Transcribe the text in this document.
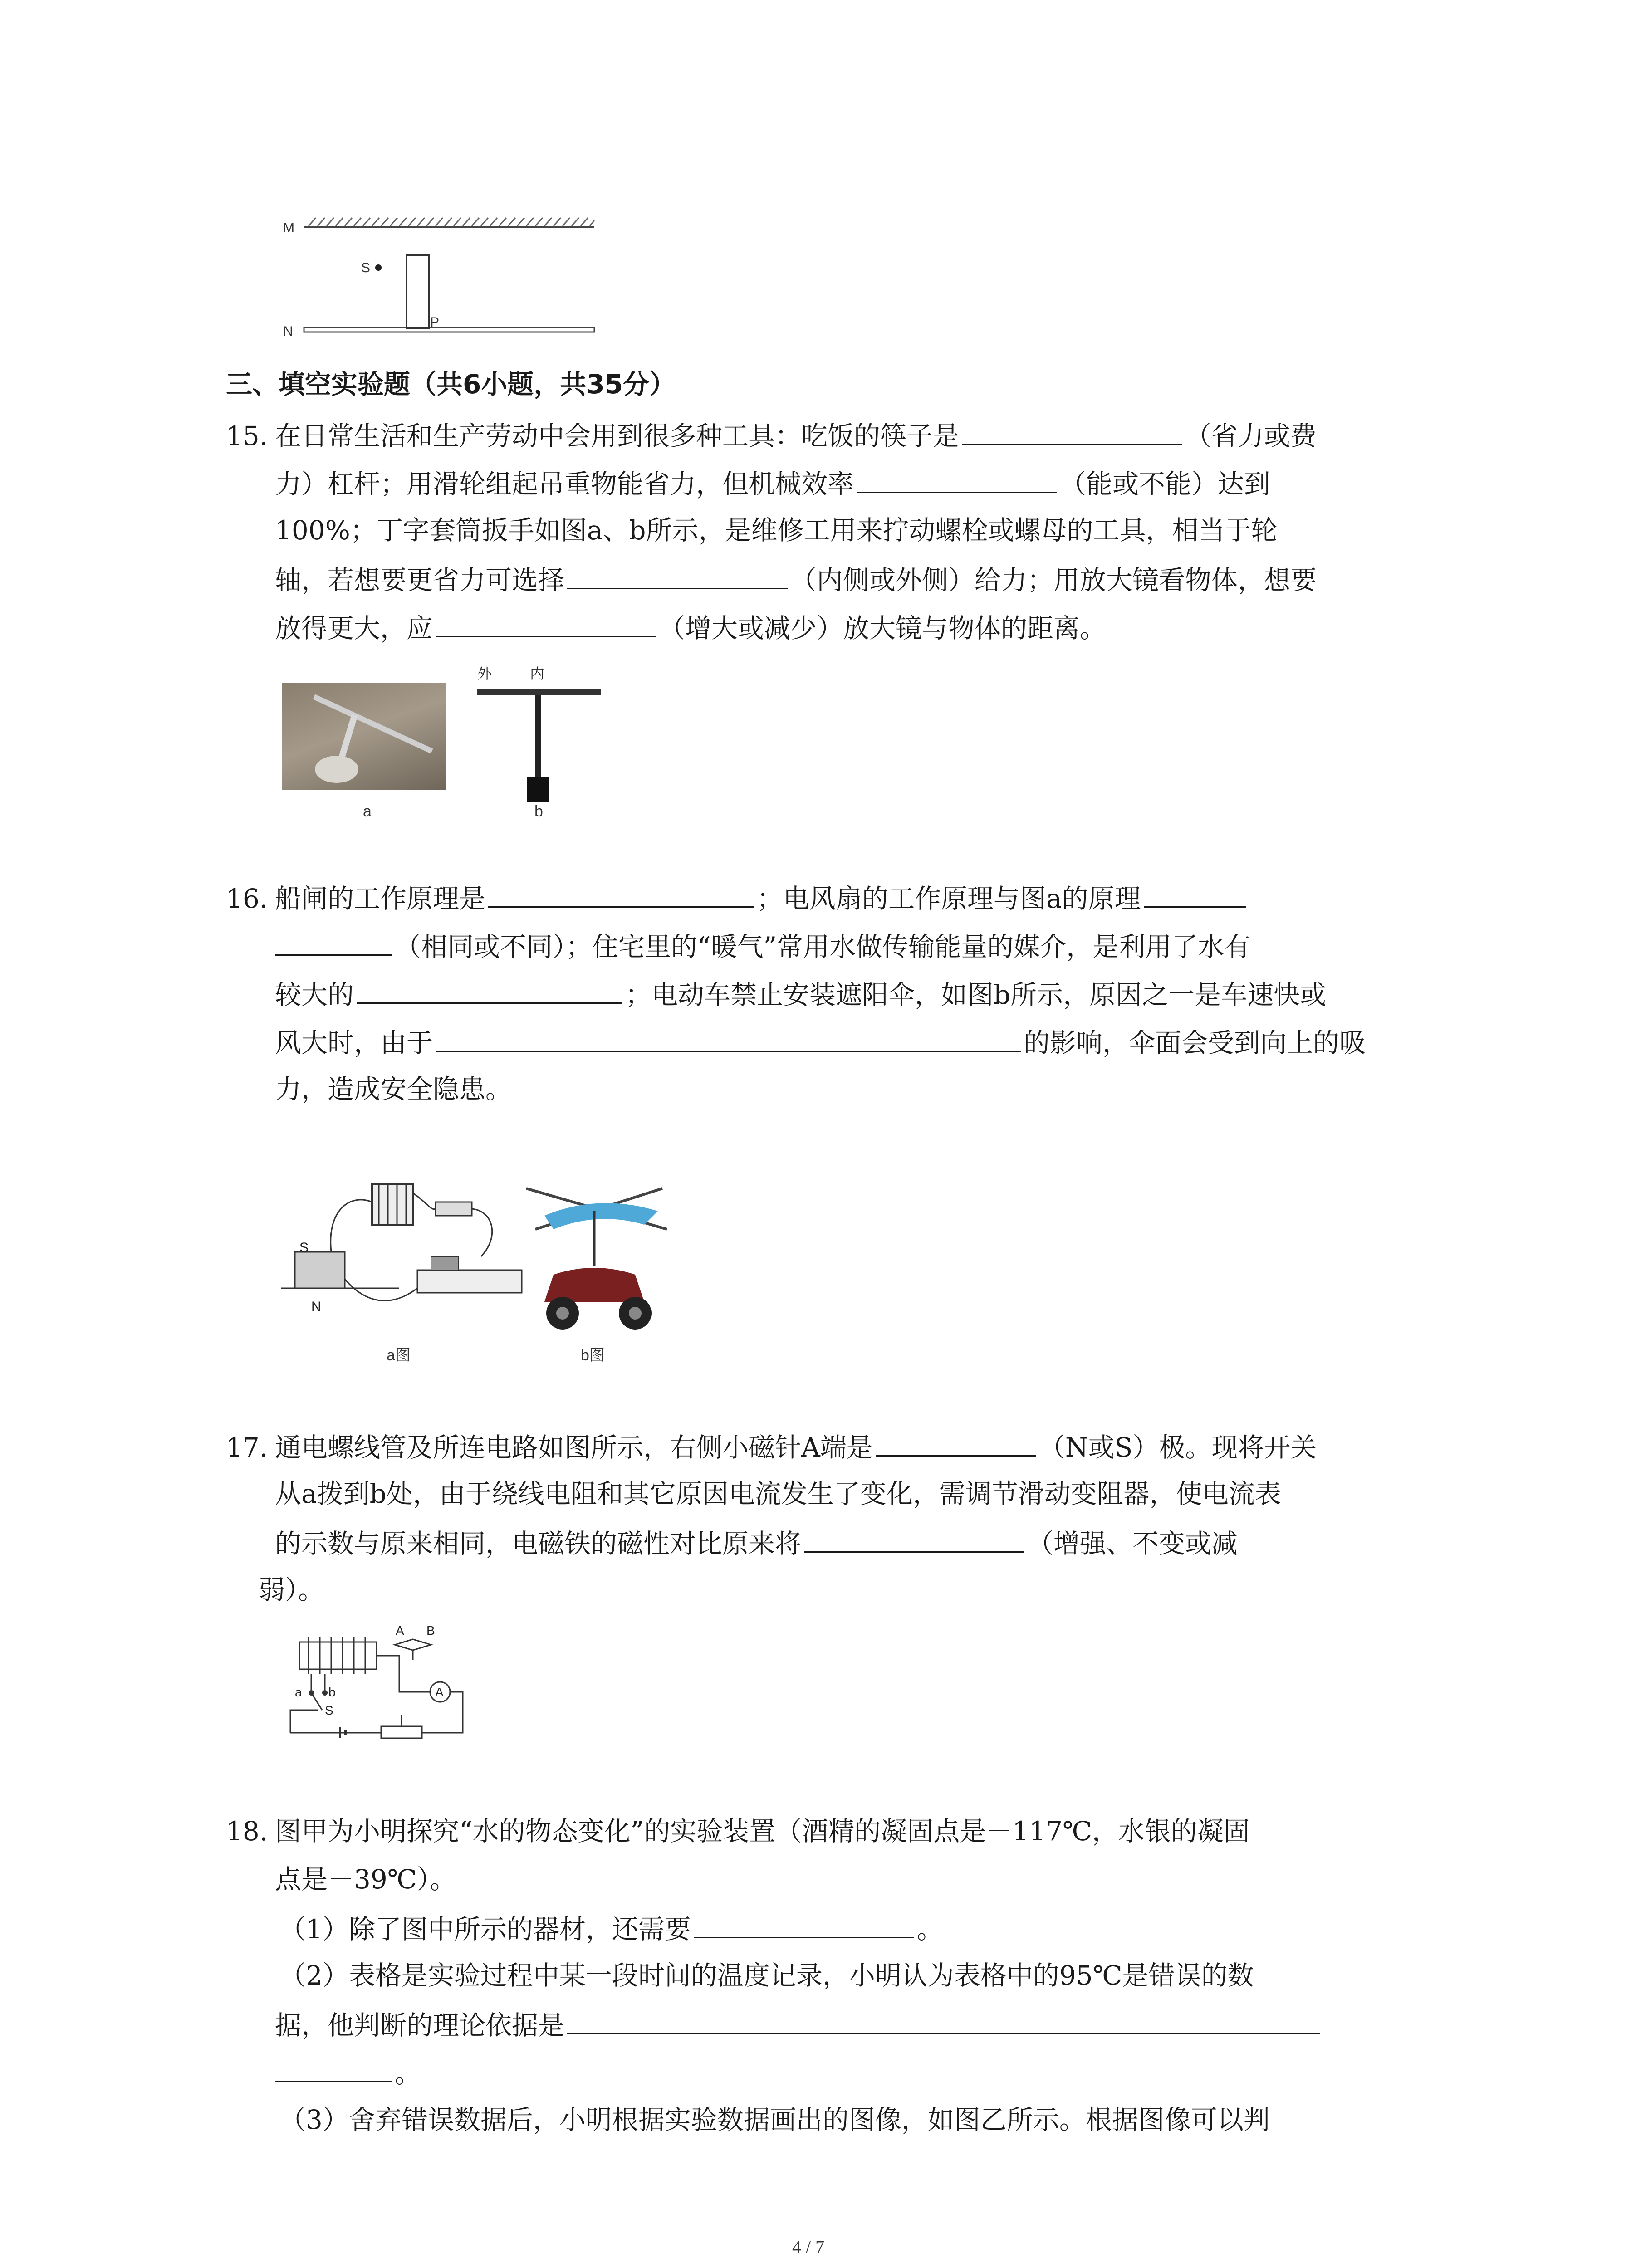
M
S
N
P
三、填空实验题（共6小题，共35分）
15. 在日常生活和生产劳动中会用到很多种工具：吃饭的筷子是	（省力或费
力）杠杆；用滑轮组起吊重物能省力，但机械效率	（能或不能）达到
100%；丁字套筒扳手如图a、b所示，是维修工用来拧动螺栓或螺母的工具，相当于轮
轴，若想要更省力可选择	（内侧或外侧）给力；用放大镜看物体，想要
放得更大，应	（增大或减少）放大镜与物体的距离。
a
外	内
b
16. 船闸的工作原理是	；电风扇的工作原理与图a的原理
（相同或不同）；住宅里的“暖气”常用水做传输能量的媒介，是利用了水有
较大的	；电动车禁止安装遮阳伞，如图b所示，原因之一是车速快或
风大时，由于	的影响，伞面会受到向上的吸
力，造成安全隐患。
S
N
a图	b图
17. 通电螺线管及所连电路如图所示，右侧小磁针A端是	（N或S）极。现将开关
从a拨到b处，由于绕线电阻和其它原因电流发生了变化，需调节滑动变阻器，使电流表
的示数与原来相同，电磁铁的磁性对比原来将	（增强、不变或减
弱）。
A B
a b
S
A
18. 图甲为小明探究“水的物态变化”的实验装置（酒精的凝固点是－117℃，水银的凝固
点是－39℃）。
（1）除了图中所示的器材，还需要	。
（2）表格是实验过程中某一段时间的温度记录，小明认为表格中的95℃是错误的数
据，他判断的理论依据是
。
（3）舍弃错误数据后，小明根据实验数据画出的图像，如图乙所示。根据图像可以判
4 / 7
